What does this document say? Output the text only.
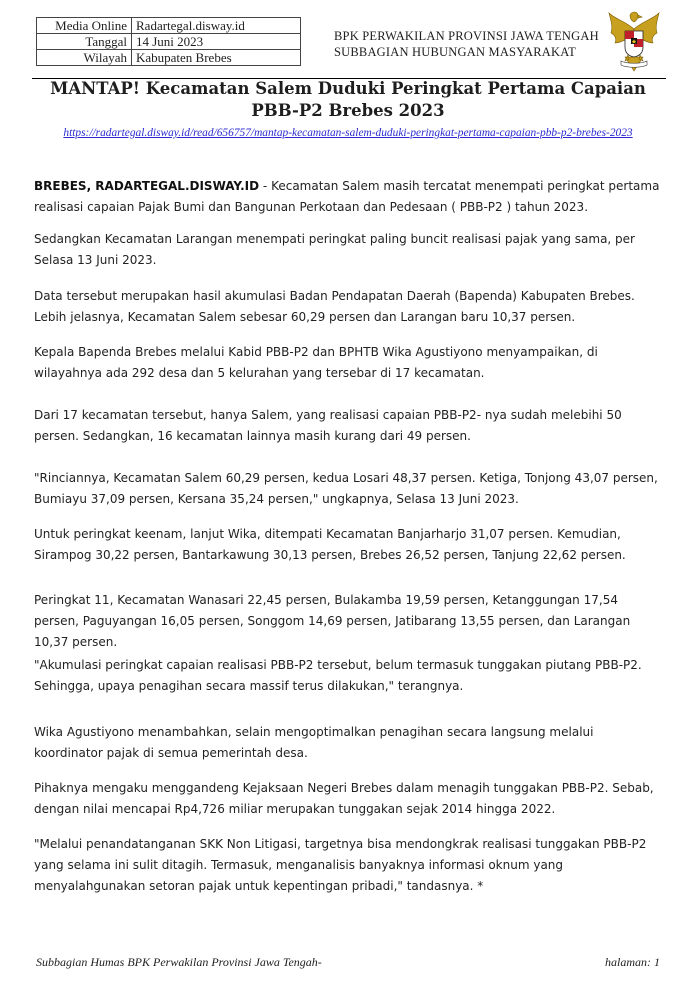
Media Online	Radartegal.disway.id
Tanggal	14 Juni 2023
Wilayah	Kabupaten Brebes
BPK PERWAKILAN PROVINSI JAWA TENGAH
SUBBAGIAN HUBUNGAN MASYARAKAT
MANTAP! Kecamatan Salem Duduki Peringkat Pertama Capaian PBB-P2 Brebes 2023
https://radartegal.disway.id/read/656757/mantap-kecamatan-salem-duduki-peringkat-pertama-capaian-pbb-p2-brebes-2023

BREBES, RADARTEGAL.DISWAY.ID - Kecamatan Salem masih tercatat menempati peringkat pertama realisasi capaian Pajak Bumi dan Bangunan Perkotaan dan Pedesaan ( PBB-P2 ) tahun 2023.

Sedangkan Kecamatan Larangan menempati peringkat paling buncit realisasi pajak yang sama, per Selasa 13 Juni 2023.

Data tersebut merupakan hasil akumulasi Badan Pendapatan Daerah (Bapenda) Kabupaten Brebes. Lebih jelasnya, Kecamatan Salem sebesar 60,29 persen dan Larangan baru 10,37 persen.

Kepala Bapenda Brebes melalui Kabid PBB-P2 dan BPHTB Wika Agustiyono menyampaikan, di wilayahnya ada 292 desa dan 5 kelurahan yang tersebar di 17 kecamatan.

Dari 17 kecamatan tersebut, hanya Salem, yang realisasi capaian PBB-P2- nya sudah melebihi 50 persen. Sedangkan, 16 kecamatan lainnya masih kurang dari 49 persen.

"Rinciannya, Kecamatan Salem 60,29 persen, kedua Losari 48,37 persen. Ketiga, Tonjong 43,07 persen, Bumiayu 37,09 persen, Kersana 35,24 persen," ungkapnya, Selasa 13 Juni 2023.

Untuk peringkat keenam, lanjut Wika, ditempati Kecamatan Banjarharjo 31,07 persen. Kemudian, Sirampog 30,22 persen, Bantarkawung 30,13 persen, Brebes 26,52 persen, Tanjung 22,62 persen.

Peringkat 11, Kecamatan Wanasari 22,45 persen, Bulakamba 19,59 persen, Ketanggungan 17,54 persen, Paguyangan 16,05 persen, Songgom 14,69 persen, Jatibarang 13,55 persen, dan Larangan 10,37 persen.

"Akumulasi peringkat capaian realisasi PBB-P2 tersebut, belum termasuk tunggakan piutang PBB-P2. Sehingga, upaya penagihan secara massif terus dilakukan," terangnya.

Wika Agustiyono menambahkan, selain mengoptimalkan penagihan secara langsung melalui koordinator pajak di semua pemerintah desa.

Pihaknya mengaku menggandeng Kejaksaan Negeri Brebes dalam menagih tunggakan PBB-P2. Sebab, dengan nilai mencapai Rp4,726 miliar merupakan tunggakan sejak 2014 hingga 2022.

"Melalui penandatanganan SKK Non Litigasi, targetnya bisa mendongkrak realisasi tunggakan PBB-P2 yang selama ini sulit ditagih. Termasuk, menganalisis banyaknya informasi oknum yang menyalahgunakan setoran pajak untuk kepentingan pribadi," tandasnya. *

Subbagian Humas BPK Perwakilan Provinsi Jawa Tengah-	halaman: 1
